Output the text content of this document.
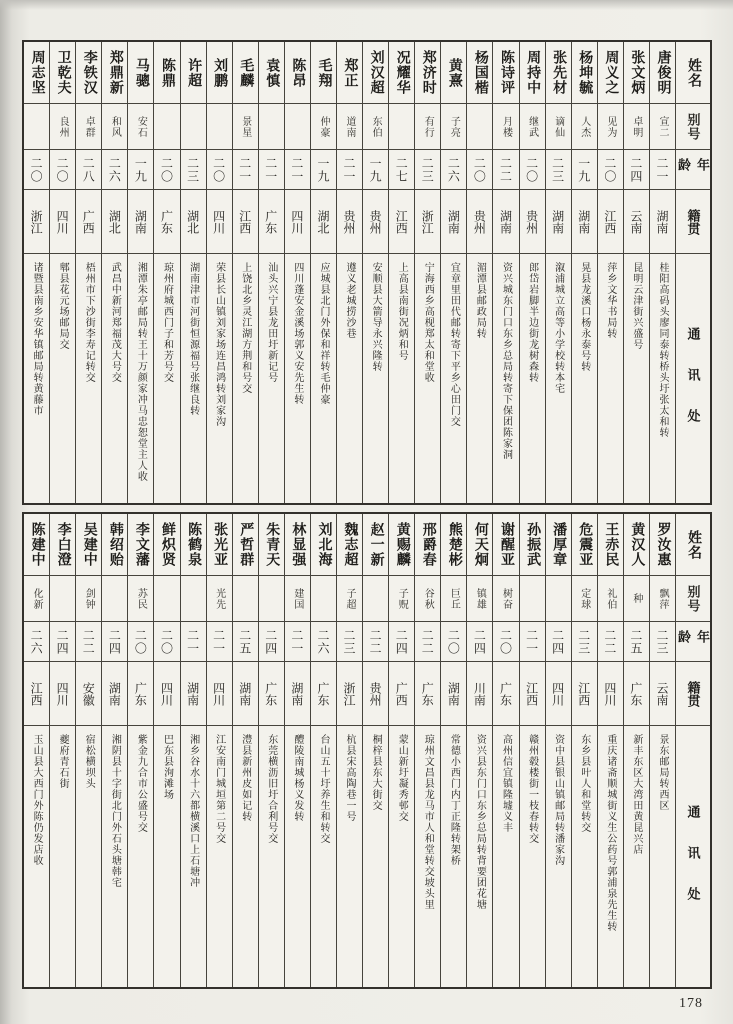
姓名
别号
年龄
籍贯
通
讯
处
唐俊明
宣二
二一
湖南
桂阳高码头廖同泰转桥头圩张太和转
张文炳
卓明
二四
云南
昆明云津街兴盛号
周义之
见为
二〇
江西
萍乡文华书局转
杨坤毓
人杰
一九
湖南
晃县龙溪口杨永泰号转
张先材
谪仙
二三
湖南
溆浦城立高等小学校转本宅
周持中
继武
二〇
贵州
郎岱岩脚半边街龙树森转
陈诗评
月楼
二二
湖南
资兴城东门口东乡总局转寄下保团陈家洞
杨国楷
二〇
贵州
湄潭县邮政局转
黄熹
子亮
二六
湖南
宜章里田代邮转寄下平乡心田门交
郑济时
有行
二三
浙江
宁海西乡高枧郑太和堂收
况耀华
二七
江西
上高县南街况炳和号
刘汉超
东伯
一九
贵州
安顺县大箭导永兴隆转
郑正
道南
二一
贵州
遵义老城捞沙巷
毛翔
仲豪
一九
湖北
应城县北门外保和祥转毛仲豪
陈昂
二一
四川
四川蓬安金溪场郭义安先生转
袁慎
二一
广东
汕头兴宁县龙田圩新记号
毛麟
景星
二一
江西
上饶北乡灵江湖方荆和号交
刘鹏
二〇
四川
荣县长山镇刘家场连昌鸿转刘家沟
许超
二三
湖北
湖南津市河街恒源福号张继良转
陈鼎
二〇
广东
琼州府城西门子和芳号交
马骢
安石
一九
湖南
湘潭朱亭邮局转王十万颜家冲马忠恕堂主人收
郑鼎新
和风
二六
湖北
武昌中新河郑福茂大号交
李铁汉
卓群
二八
广西
梧州市下沙街李寿记转交
卫乾夫
良州
二〇
四川
郫县花元场邮局交
周志坚
二〇
浙江
诸暨县南乡安华镇邮局转黄藤市
姓名
别号
年龄
籍贯
通
讯
处
罗汝惠
飘萍
二三
云南
景东邮局转西区
黄汉人
种
二五
广东
新丰东区大湾田黄昆兴店
王赤民
礼伯
二二
四川
重庆诸斋顺城街义生公药号郭浦泉先生转
危震亚
定球
二三
江西
东乡县叶人和堂转交
潘厚章
二四
四川
资中县银山镇邮局转潘家沟
孙振武
二一
江西
赣州毂楼街一枝春转交
谢醒亚
树奋
二〇
广东
高州信宜镇隆墟义丰
何天炯
镇雄
二四
川南
资兴县东门口东乡总局转背要团花塘
熊楚彬
巨丘
二〇
湖南
常德小西门内丁正隆转架桥
邢爵春
谷秋
二二
广东
琼州文昌县龙马市人和堂转交坡头里
黄赐麟
子贶
二四
广西
蒙山新圩凝秀邨交
赵一新
二二
贵州
桐梓县东大街交
魏志超
子超
二三
浙江
杭县宋高陶巷一号
刘北海
二六
广东
台山五十圩养生和转交
林显强
建国
二一
湖南
醴陵南城杨义发转
朱青天
二四
广东
东莞横沥旧圩合利号交
严哲群
二五
湖南
澧县新州皮如记转
张光亚
光先
二一
四川
江安南门城垣第二号交
陈鹤泉
二一
湖南
湘乡谷水十六都横溪口上石塘冲
鲜炽贤
二〇
四川
巴东县洵滩场
李文藩
苏民
二〇
广东
紫金九合市公盛号交
韩绍贻
二四
湖南
湘阴县十字街北门外石头塘韩宅
吴建中
剑钟
二二
安徽
宿松横坝头
李白澄
二四
四川
夔府青石街
陈建中
化新
二六
江西
玉山县大西门外陈仍发店收
178
